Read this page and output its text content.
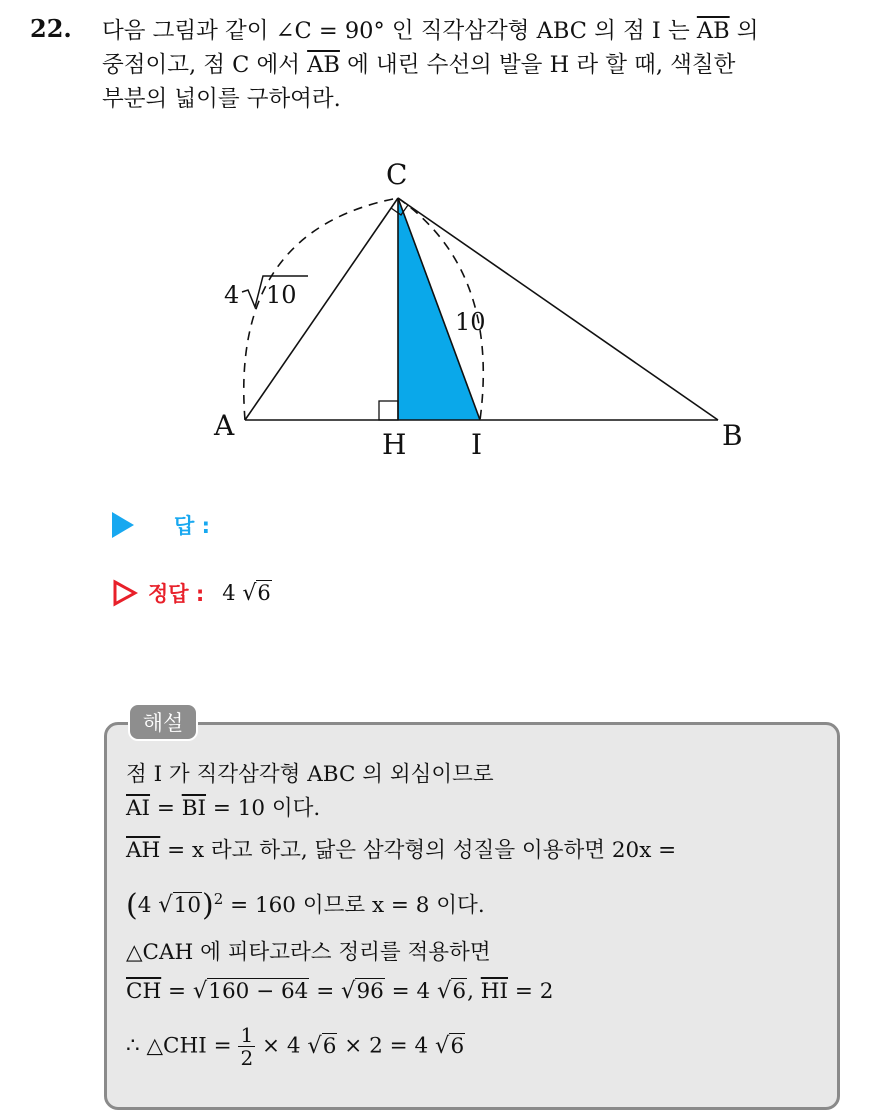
22. 다음 그림과 같이 ∠C = 90° 인 직각삼각형 ABC 의 점 I 는 $\overline{AB}$ 의
중점이고, 점 C 에서 $\overline{AB}$ 에 내린 수선의 발을 H 라 할 때, 색칠한
부분의 넓이를 구하여라.
C
A	B
H I
4 10
10
답 :
정답 : 4 √6
해설
점 I 가 직각삼각형 ABC 의 외심이므로
$\overline{AI} = \overline{BI} = 10$ 이다.
$\overline{AH} = x$ 라고 하고, 닮은 삼각형의 성질을 이용하면 20x =
(4 √10)$^2$ = 160 이므로 x = 8 이다.
△CAH 에 피타고라스 정리를 적용하면
$\overline{CH} = √160 - 64 = √96 = 4$ √6, $\overline{HI} = 2$
∴ △CHI = $\frac{1}{2} \times 4$ √6 × 2 = 4 √6
